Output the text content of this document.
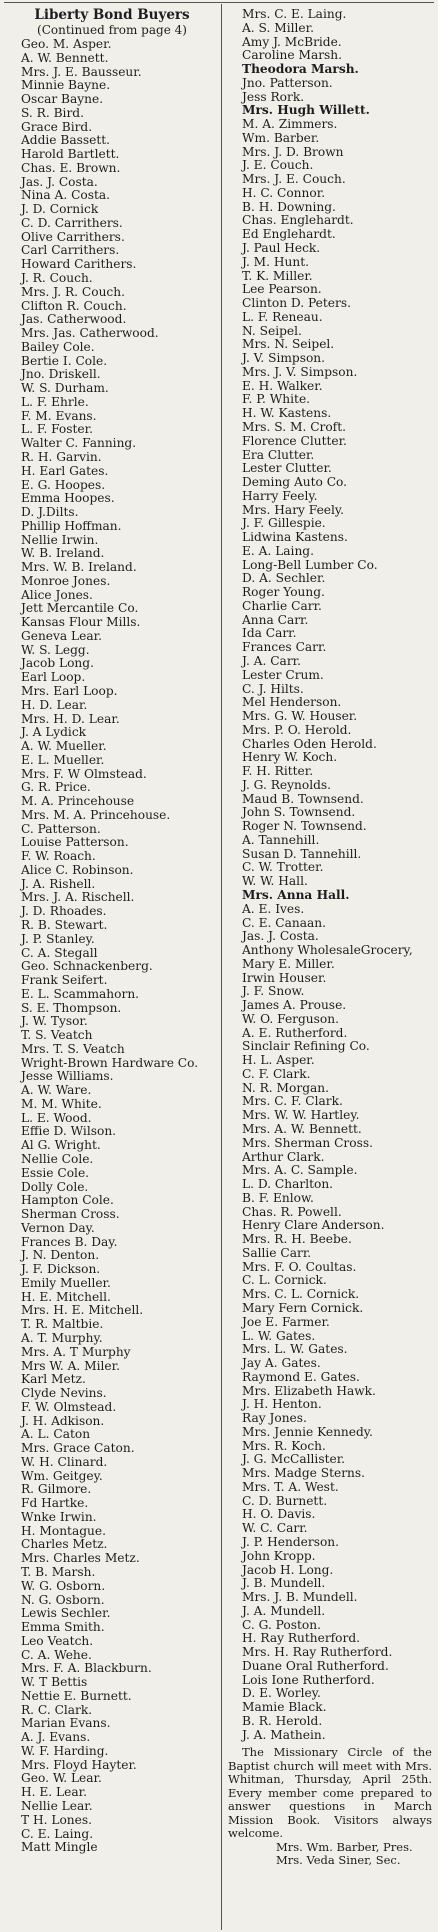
Liberty Bond Buyers

(Continued from page 4)

Geo. M. Asper.
A. W. Bennett.
Mrs. J. E. Bausseur.
Minnie Bayne.
Oscar Bayne.
S. R. Bird.
Grace Bird.
Addie Bassett.
Harold Bartlett.
Chas. E. Brown.
Jas. J. Costa.
Nina A. Costa.
J. D. Cornick
C. D. Carrithers.
Olive Carrithers.
Carl Carrithers.
Howard Carithers.
J. R. Couch.
Mrs. J. R. Couch.
Clifton R. Couch.
Jas. Catherwood.
Mrs. Jas. Catherwood.
Bailey Cole.
Bertie I. Cole.
Jno. Driskell.
W. S. Durham.
L. F. Ehrle.
F. M. Evans.
L. F. Foster.
Walter C. Fanning.
R. H. Garvin.
H. Earl Gates.
E. G. Hoopes.
Emma Hoopes.
D. J.Dilts.
Phillip Hoffman.
Nellie Irwin.
W. B. Ireland.
Mrs. W. B. Ireland.
Monroe Jones.
Alice Jones.
Jett Mercantile Co.
Kansas Flour Mills.
Geneva Lear.
W. S. Legg.
Jacob Long.
Earl Loop.
Mrs. Earl Loop.
H. D. Lear.
Mrs. H. D. Lear.
J. A Lydick
A. W. Mueller.
E. L. Mueller.
Mrs. F. W Olmstead.
G. R. Price.
M. A. Princehouse
Mrs. M. A. Princehouse.
C. Patterson.
Louise Patterson.
F. W. Roach.
Alice C. Robinson.
J. A. Rishell.
Mrs. J. A. Rischell.
J. D. Rhoades.
R. B. Stewart.
J. P. Stanley.
C. A. Stegall
Geo. Schnackenberg.
Frank Seifert.
E. L. Scammahorn.
S. E. Thompson.
J. W. Tysor.
T. S. Veatch
Mrs. T. S. Veatch
Wright-Brown Hardware Co.
Jesse Williams.
A. W. Ware.
M. M. White.
L. E. Wood.
Effie D. Wilson.
Al G. Wright.
Nellie Cole.
Essie Cole.
Dolly Cole.
Hampton Cole.
Sherman Cross.
Vernon Day.
Frances B. Day.
J. N. Denton.
J. F. Dickson.
Emily Mueller.
H. E. Mitchell.
Mrs. H. E. Mitchell.
T. R. Maltbie.
A. T. Murphy.
Mrs. A. T Murphy
Mrs W. A. Miler.
Karl Metz.
Clyde Nevins.
F. W. Olmstead.
J. H. Adkison.
A. L. Caton
Mrs. Grace Caton.
W. H. Clinard.
Wm. Geitgey.
R. Gilmore.
Fd Hartke.
Wnke Irwin.
H. Montague.
Charles Metz.
Mrs. Charles Metz.
T. B. Marsh.
W. G. Osborn.
N. G. Osborn.
Lewis Sechler.
Emma Smith.
Leo Veatch.
C. A. Wehe.
Mrs. F. A. Blackburn.
W. T Bettis
Nettie E. Burnett.
R. C. Clark.
Marian Evans.
A. J. Evans.
W. F. Harding.
Mrs. Floyd Hayter.
Geo. W. Lear.
H. E. Lear.
Nellie Lear.
T H. Lones.
C. E. Laing.
Matt Mingle
Mrs. C. E. Laing.
A. S. Miller.
Amy J. McBride.
Caroline Marsh.
Theodora Marsh.
Jno. Patterson.
Jess Rork.
Mrs. Hugh Willett.
M. A. Zimmers.
Wm. Barber.
Mrs. J. D. Brown
J. E. Couch.
Mrs. J. E. Couch.
H. C. Connor.
B. H. Downing.
Chas. Englehardt.
Ed Englehardt.
J. Paul Heck.
J. M. Hunt.
T. K. Miller.
Lee Pearson.
Clinton D. Peters.
L. F. Reneau.
N. Seipel.
Mrs. N. Seipel.
J. V. Simpson.
Mrs. J. V. Simpson.
E. H. Walker.
F. P. White.
H. W. Kastens.
Mrs. S. M. Croft.
Florence Clutter.
Era Clutter.
Lester Clutter.
Deming Auto Co.
Harry Feely.
Mrs. Hary Feely.
J. F. Gillespie.
Lidwina Kastens.
E. A. Laing.
Long-Bell Lumber Co.
D. A. Sechler.
Roger Young.
Charlie Carr.
Anna Carr.
Ida Carr.
Frances Carr.
J. A. Carr.
Lester Crum.
C. J. Hilts.
Mel Henderson.
Mrs. G. W. Houser.
Mrs. P. O. Herold.
Charles Oden Herold.
Henry W. Koch.
F. H. Ritter.
J. G. Reynolds.
Maud B. Townsend.
John S. Townsend.
Roger N. Townsend.
A. Tannehill.
Susan D. Tannehill.
C. W. Trotter.
W. W. Hall.
Mrs. Anna Hall.
A. E. Ives.
C. E. Canaan.
Jas. J. Costa.
Anthony WholesaleGrocery,
Mary E. Miller.
Irwin Houser.
J. F. Snow.
James A. Prouse.
W. O. Ferguson.
A. E. Rutherford.
Sinclair Refining Co.
H. L. Asper.
C. F. Clark.
N. R. Morgan.
Mrs. C. F. Clark.
Mrs. W. W. Hartley.
Mrs. A. W. Bennett.
Mrs. Sherman Cross.
Arthur Clark.
Mrs. A. C. Sample.
L. D. Charlton.
B. F. Enlow.
Chas. R. Powell.
Henry Clare Anderson.
Mrs. R. H. Beebe.
Sallie Carr.
Mrs. F. O. Coultas.
C. L. Cornick.
Mrs. C. L. Cornick.
Mary Fern Cornick.
Joe E. Farmer.
L. W. Gates.
Mrs. L. W. Gates.
Jay A. Gates.
Raymond E. Gates.
Mrs. Elizabeth Hawk.
J. H. Henton.
Ray Jones.
Mrs. Jennie Kennedy.
Mrs. R. Koch.
J. G. McCallister.
Mrs. Madge Sterns.
Mrs. T. A. West.
C. D. Burnett.
H. O. Davis.
W. C. Carr.
J. P. Henderson.
John Kropp.
Jacob H. Long.
J. B. Mundell.
Mrs. J. B. Mundell.
J. A. Mundell.
C. G. Poston.
H. Ray Rutherford.
Mrs. H. Ray Rutherford.
Duane Oral Rutherford.
Lois Ione Rutherford.
D. E. Worley.
Mamie Black.
B. R. Herold.
J. A. Mathein.

The Missionary Circle of the Baptist church will meet with Mrs. Whitman, Thursday, April 25th. Every member come prepared to answer questions in March Mission Book. Visitors always welcome.

Mrs. Wm. Barber, Pres.
Mrs. Veda Siner, Sec.
